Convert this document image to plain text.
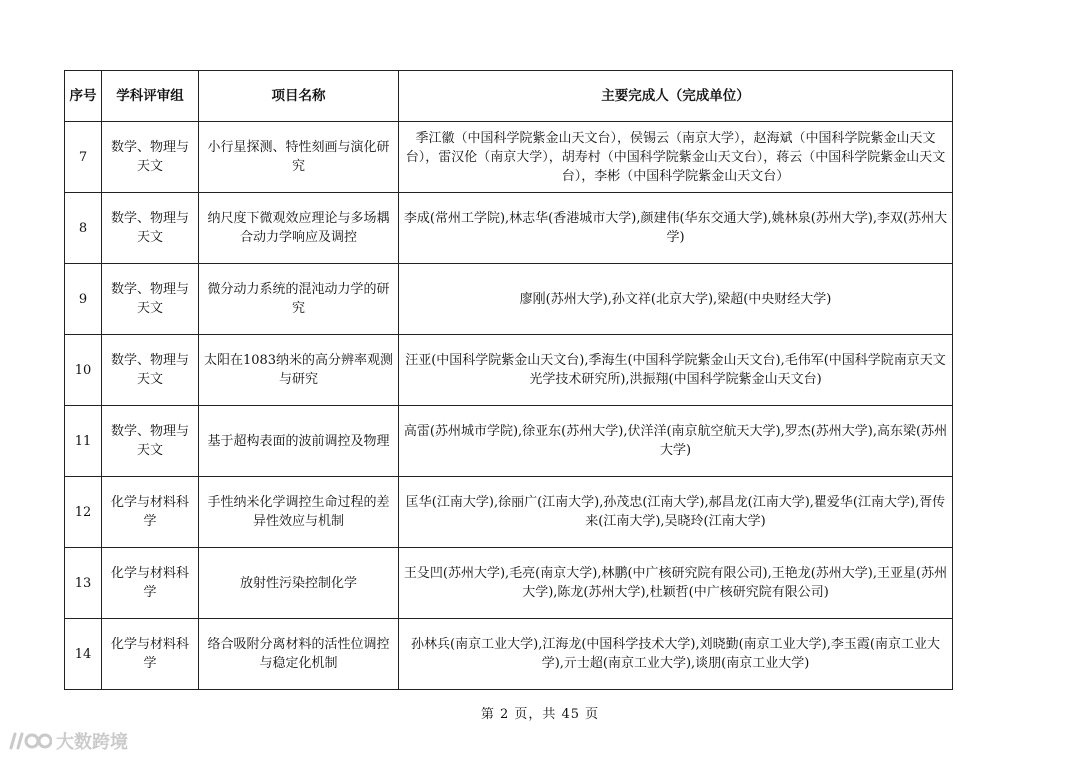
序号	学科评审组	项目名称	主要完成人（完成单位）
7	数学、物理与天文	小行星探测、特性刻画与演化研究	季江徽（中国科学院紫金山天文台），侯锡云（南京大学），赵海斌（中国科学院紫金山天文台），雷汉伦（南京大学），胡寿村（中国科学院紫金山天文台），蒋云（中国科学院紫金山天文台），李彬（中国科学院紫金山天文台）
8	数学、物理与天文	纳尺度下微观效应理论与多场耦合动力学响应及调控	李成(常州工学院),林志华(香港城市大学),颜建伟(华东交通大学),姚林泉(苏州大学),李双(苏州大学)
9	数学、物理与天文	微分动力系统的混沌动力学的研究	廖刚(苏州大学),孙文祥(北京大学),梁超(中央财经大学)
10	数学、物理与天文	太阳在1083纳米的高分辨率观测与研究	汪亚(中国科学院紫金山天文台),季海生(中国科学院紫金山天文台),毛伟军(中国科学院南京天文光学技术研究所),洪振翔(中国科学院紫金山天文台)
11	数学、物理与天文	基于超构表面的波前调控及物理	高雷(苏州城市学院),徐亚东(苏州大学),伏洋洋(南京航空航天大学),罗杰(苏州大学),高东梁(苏州大学)
12	化学与材料科学	手性纳米化学调控生命过程的差异性效应与机制	匡华(江南大学),徐丽广(江南大学),孙茂忠(江南大学),郝昌龙(江南大学),瞿爱华(江南大学),胥传来(江南大学),吴晓玲(江南大学)
13	化学与材料科学	放射性污染控制化学	王殳凹(苏州大学),毛亮(南京大学),林鹏(中广核研究院有限公司),王艳龙(苏州大学),王亚星(苏州大学),陈龙(苏州大学),杜颖哲(中广核研究院有限公司)
14	化学与材料科学	络合吸附分离材料的活性位调控与稳定化机制	孙林兵(南京工业大学),江海龙(中国科学技术大学),刘晓勤(南京工业大学),李玉霞(南京工业大学),亓士超(南京工业大学),谈朋(南京工业大学)
第 2 页，共 45 页
大数跨境
